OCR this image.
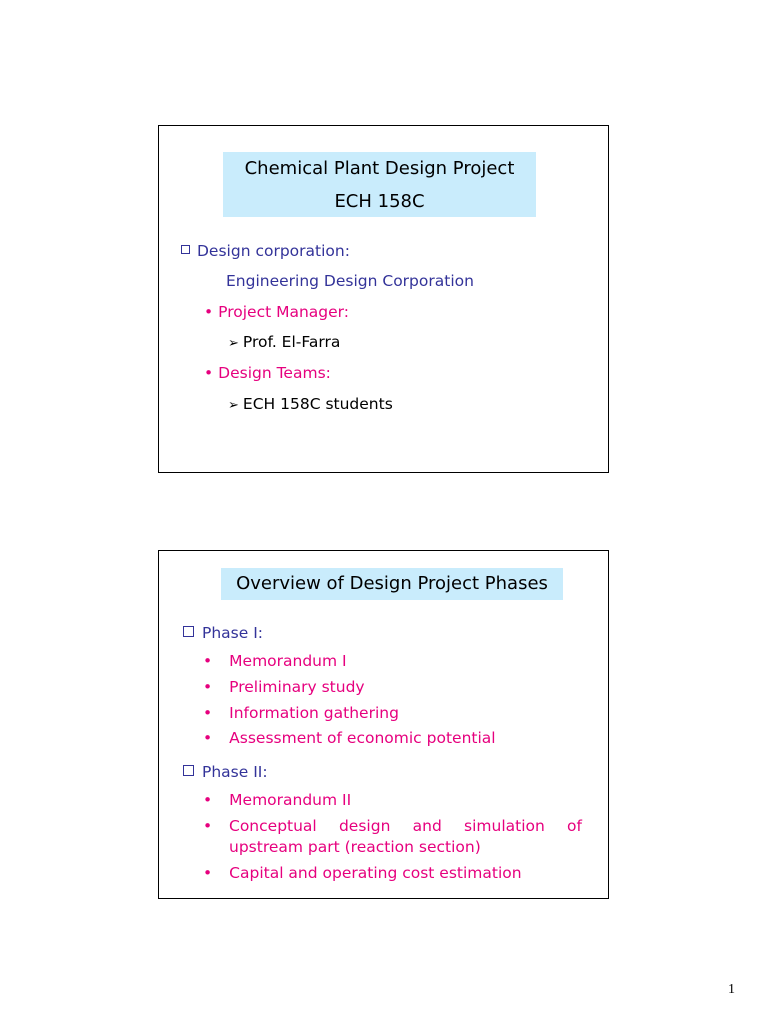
Chemical Plant Design Project
ECH 158C
Design corporation:
Engineering Design Corporation
• Project Manager:
➢ Prof. El-Farra
• Design Teams:
➢ ECH 158C students
Overview of Design Project Phases
Phase I:
• Memorandum I
• Preliminary study
• Information gathering
• Assessment of economic potential
Phase II:
• Memorandum II
•	Conceptual design and simulation of
upstream part (reaction section)
• Capital and operating cost estimation
1
